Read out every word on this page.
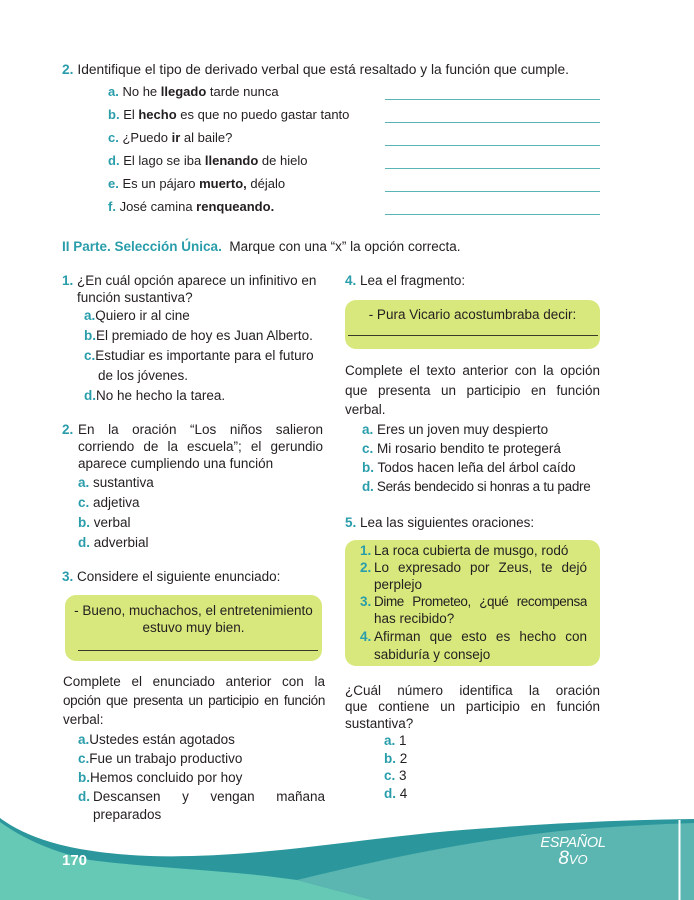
2. Identifique el tipo de derivado verbal que está resaltado y la función que cumple.
a. No he llegado tarde nunca
b. El hecho es que no puedo gastar tanto
c. ¿Puedo ir al baile?
d. El lago se iba llenando de hielo
e. Es un pájaro muerto, déjalo
f. José camina renqueando.
II Parte. Selección Única. Marque con una “x” la opción correcta.
1. ¿En cuál opción aparece un infinitivo en
función sustantiva?
a.Quiero ir al cine
b.El premiado de hoy es Juan Alberto.
c.Estudiar es importante para el futuro
de los jóvenes.
d.No he hecho la tarea.
2. En la oración “Los niños salieron
corriendo de la escuela”; el gerundio
aparece cumpliendo una función
a. sustantiva
c. adjetiva
b. verbal
d. adverbial
3. Considere el siguiente enunciado:
- Bueno, muchachos, el entretenimiento
estuvo muy bien.
Complete el enunciado anterior con la
opción que presenta un participio en función
verbal:
a.Ustedes están agotados
c.Fue un trabajo productivo
b.Hemos concluido por hoy
d. Descansen y vengan mañana
preparados
4. Lea el fragmento:
- Pura Vicario acostumbraba decir:
Complete el texto anterior con la opción
que presenta un participio en función
verbal.
a. Eres un joven muy despierto
c. Mi rosario bendito te protegerá
b. Todos hacen leña del árbol caído
d. Serás bendecido si honras a tu padre
5. Lea las siguientes oraciones:
1. La roca cubierta de musgo, rodó
2. Lo expresado por Zeus, te dejó
perplejo
3. Dime Prometeo, ¿qué recompensa
has recibido?
4. Afirman que esto es hecho con
sabiduría y consejo
¿Cuál número identifica la oración
que contiene un participio en función
sustantiva?
a. 1
b. 2
c. 3
d. 4
170
ESPAÑOL
8VO
